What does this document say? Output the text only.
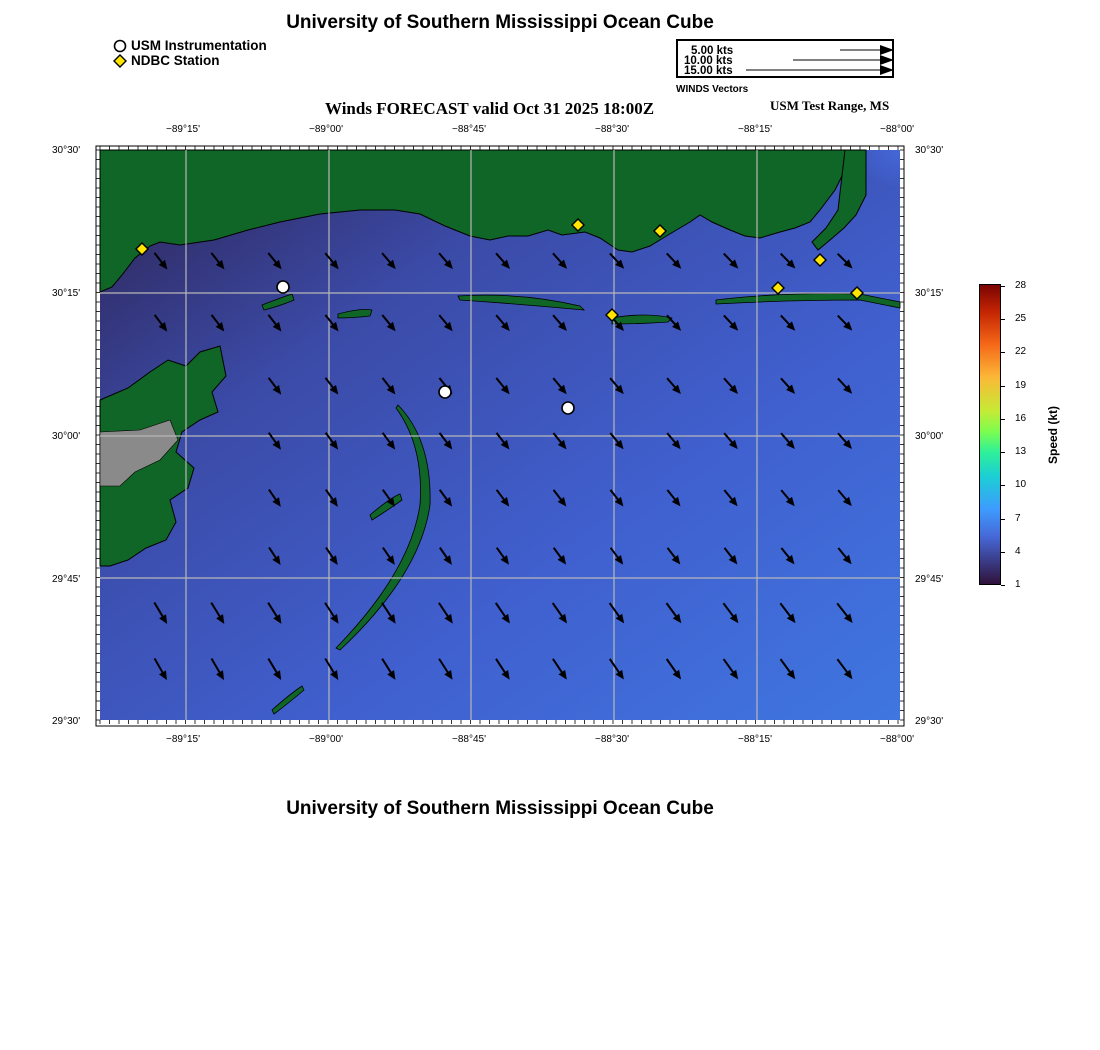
University of Southern Mississippi Ocean Cube
University of Southern Mississippi Ocean Cube
USM Instrumentation
NDBC Station
5.00 kts
10.00 kts
15.00 kts
WINDS Vectors
Winds FORECAST valid Oct 31 2025 18:00Z	USM Test Range, MS
−89°15'	−89°00'	−88°45'	−88°30'	−88°15'	−88°00'
−89°15'	−89°00'	−88°45'	−88°30'	−88°15'	−88°00'
30°30'
30°15'
30°00'
29°45'
29°30'
30°30'
30°15'
30°00'
29°45'
29°30'
28
25
22
19
16
13
10
7
4
1
Speed (kt)
